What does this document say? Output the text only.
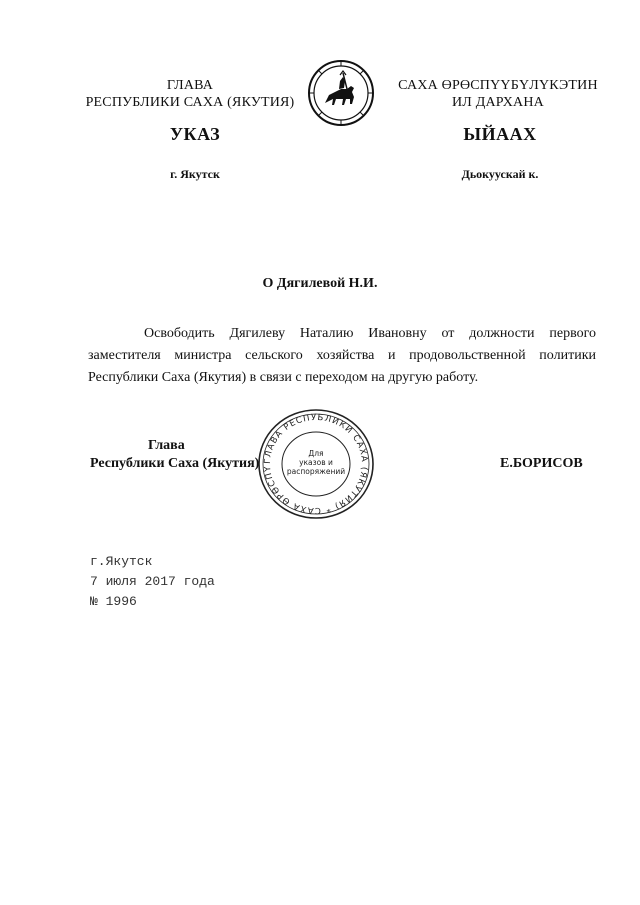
ГЛАВА
РЕСПУБЛИКИ САХА (ЯКУТИЯ)
САХА ӨРӨСПҮҮБҮЛҮКЭТИН
ИЛ ДАРХАНА
УКАЗ	ЫЙААХ
г. Якутск	Дьокуускай к.
О Дягилевой Н.И.
Освободить Дягилеву Наталию Ивановну от должности первого заместителя министра сельского хозяйства и продовольственной политики Республики Саха (Якутия) в связи с переходом на другую работу.
Глава
Республики Саха (Якутия)	Е.БОРИСОВ
ГЛАВА РЕСПУБЛИКИ САХА (ЯКУТИЯ) * САХА ӨРӨСПҮ
Для
указов и
распоряжений
г.Якутск
7 июля 2017 года
№ 1996
